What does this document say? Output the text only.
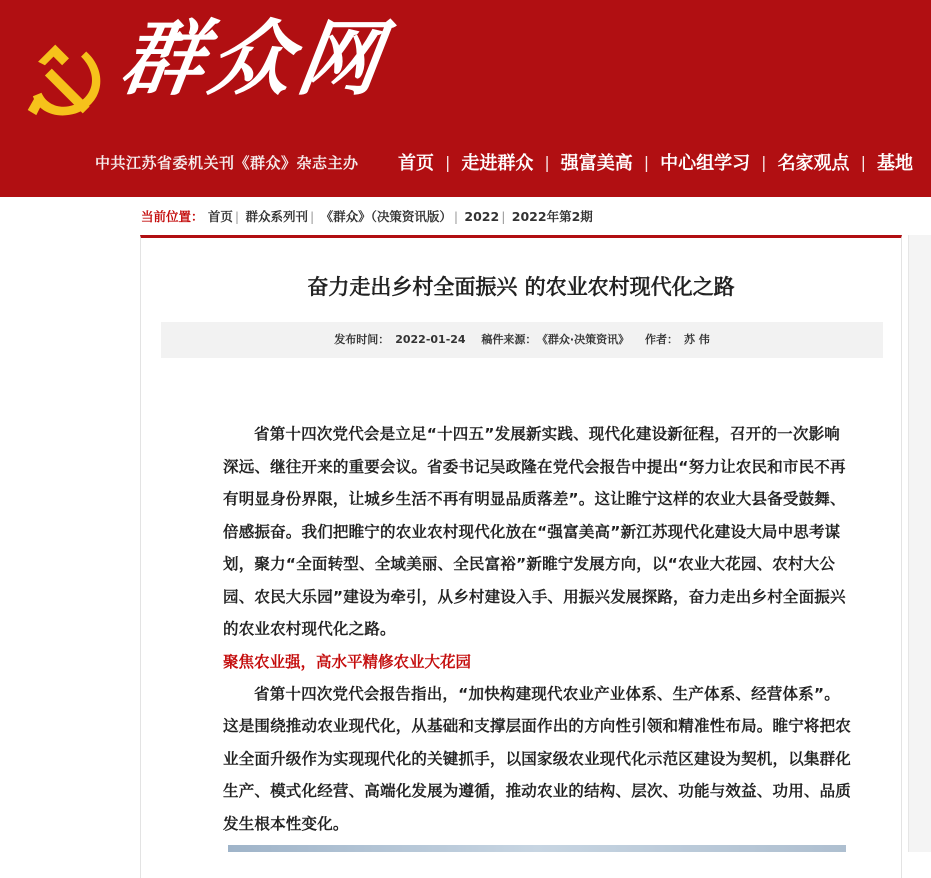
群众网
中共江苏省委机关刊《群众》杂志主办 首页 | 走进群众 | 强富美高 | 中心组学习 | 名家观点 | 基地
当前位置： 首页 | 群众系列刊 | 《群众》（决策资讯版） | 2022 | 2022年第2期
奋力走出乡村全面振兴 的农业农村现代化之路
发布时间： 2022-01-24 稿件来源： 《群众·决策资讯》 作者： 苏 伟

省第十四次党代会是立足“十四五”发展新实践、现代化建设新征程，召开的一次影响深远、继往开来的重要会议。省委书记吴政隆在党代会报告中提出“努力让农民和市民不再有明显身份界限，让城乡生活不再有明显品质落差”。这让睢宁这样的农业大县备受鼓舞、倍感振奋。我们把睢宁的农业农村现代化放在“强富美高”新江苏现代化建设大局中思考谋划，聚力“全面转型、全域美丽、全民富裕”新睢宁发展方向，以“农业大花园、农村大公园、农民大乐园”建设为牵引，从乡村建设入手、用振兴发展探路，奋力走出乡村全面振兴的农业农村现代化之路。

聚焦农业强，高水平精修农业大花园

省第十四次党代会报告指出，“加快构建现代农业产业体系、生产体系、经营体系”。这是围绕推动农业现代化，从基础和支撑层面作出的方向性引领和精准性布局。睢宁将把农业全面升级作为实现现代化的关键抓手，以国家级农业现代化示范区建设为契机，以集群化生产、模式化经营、高端化发展为遵循，推动农业的结构、层次、功能与效益、功用、品质发生根本性变化。
